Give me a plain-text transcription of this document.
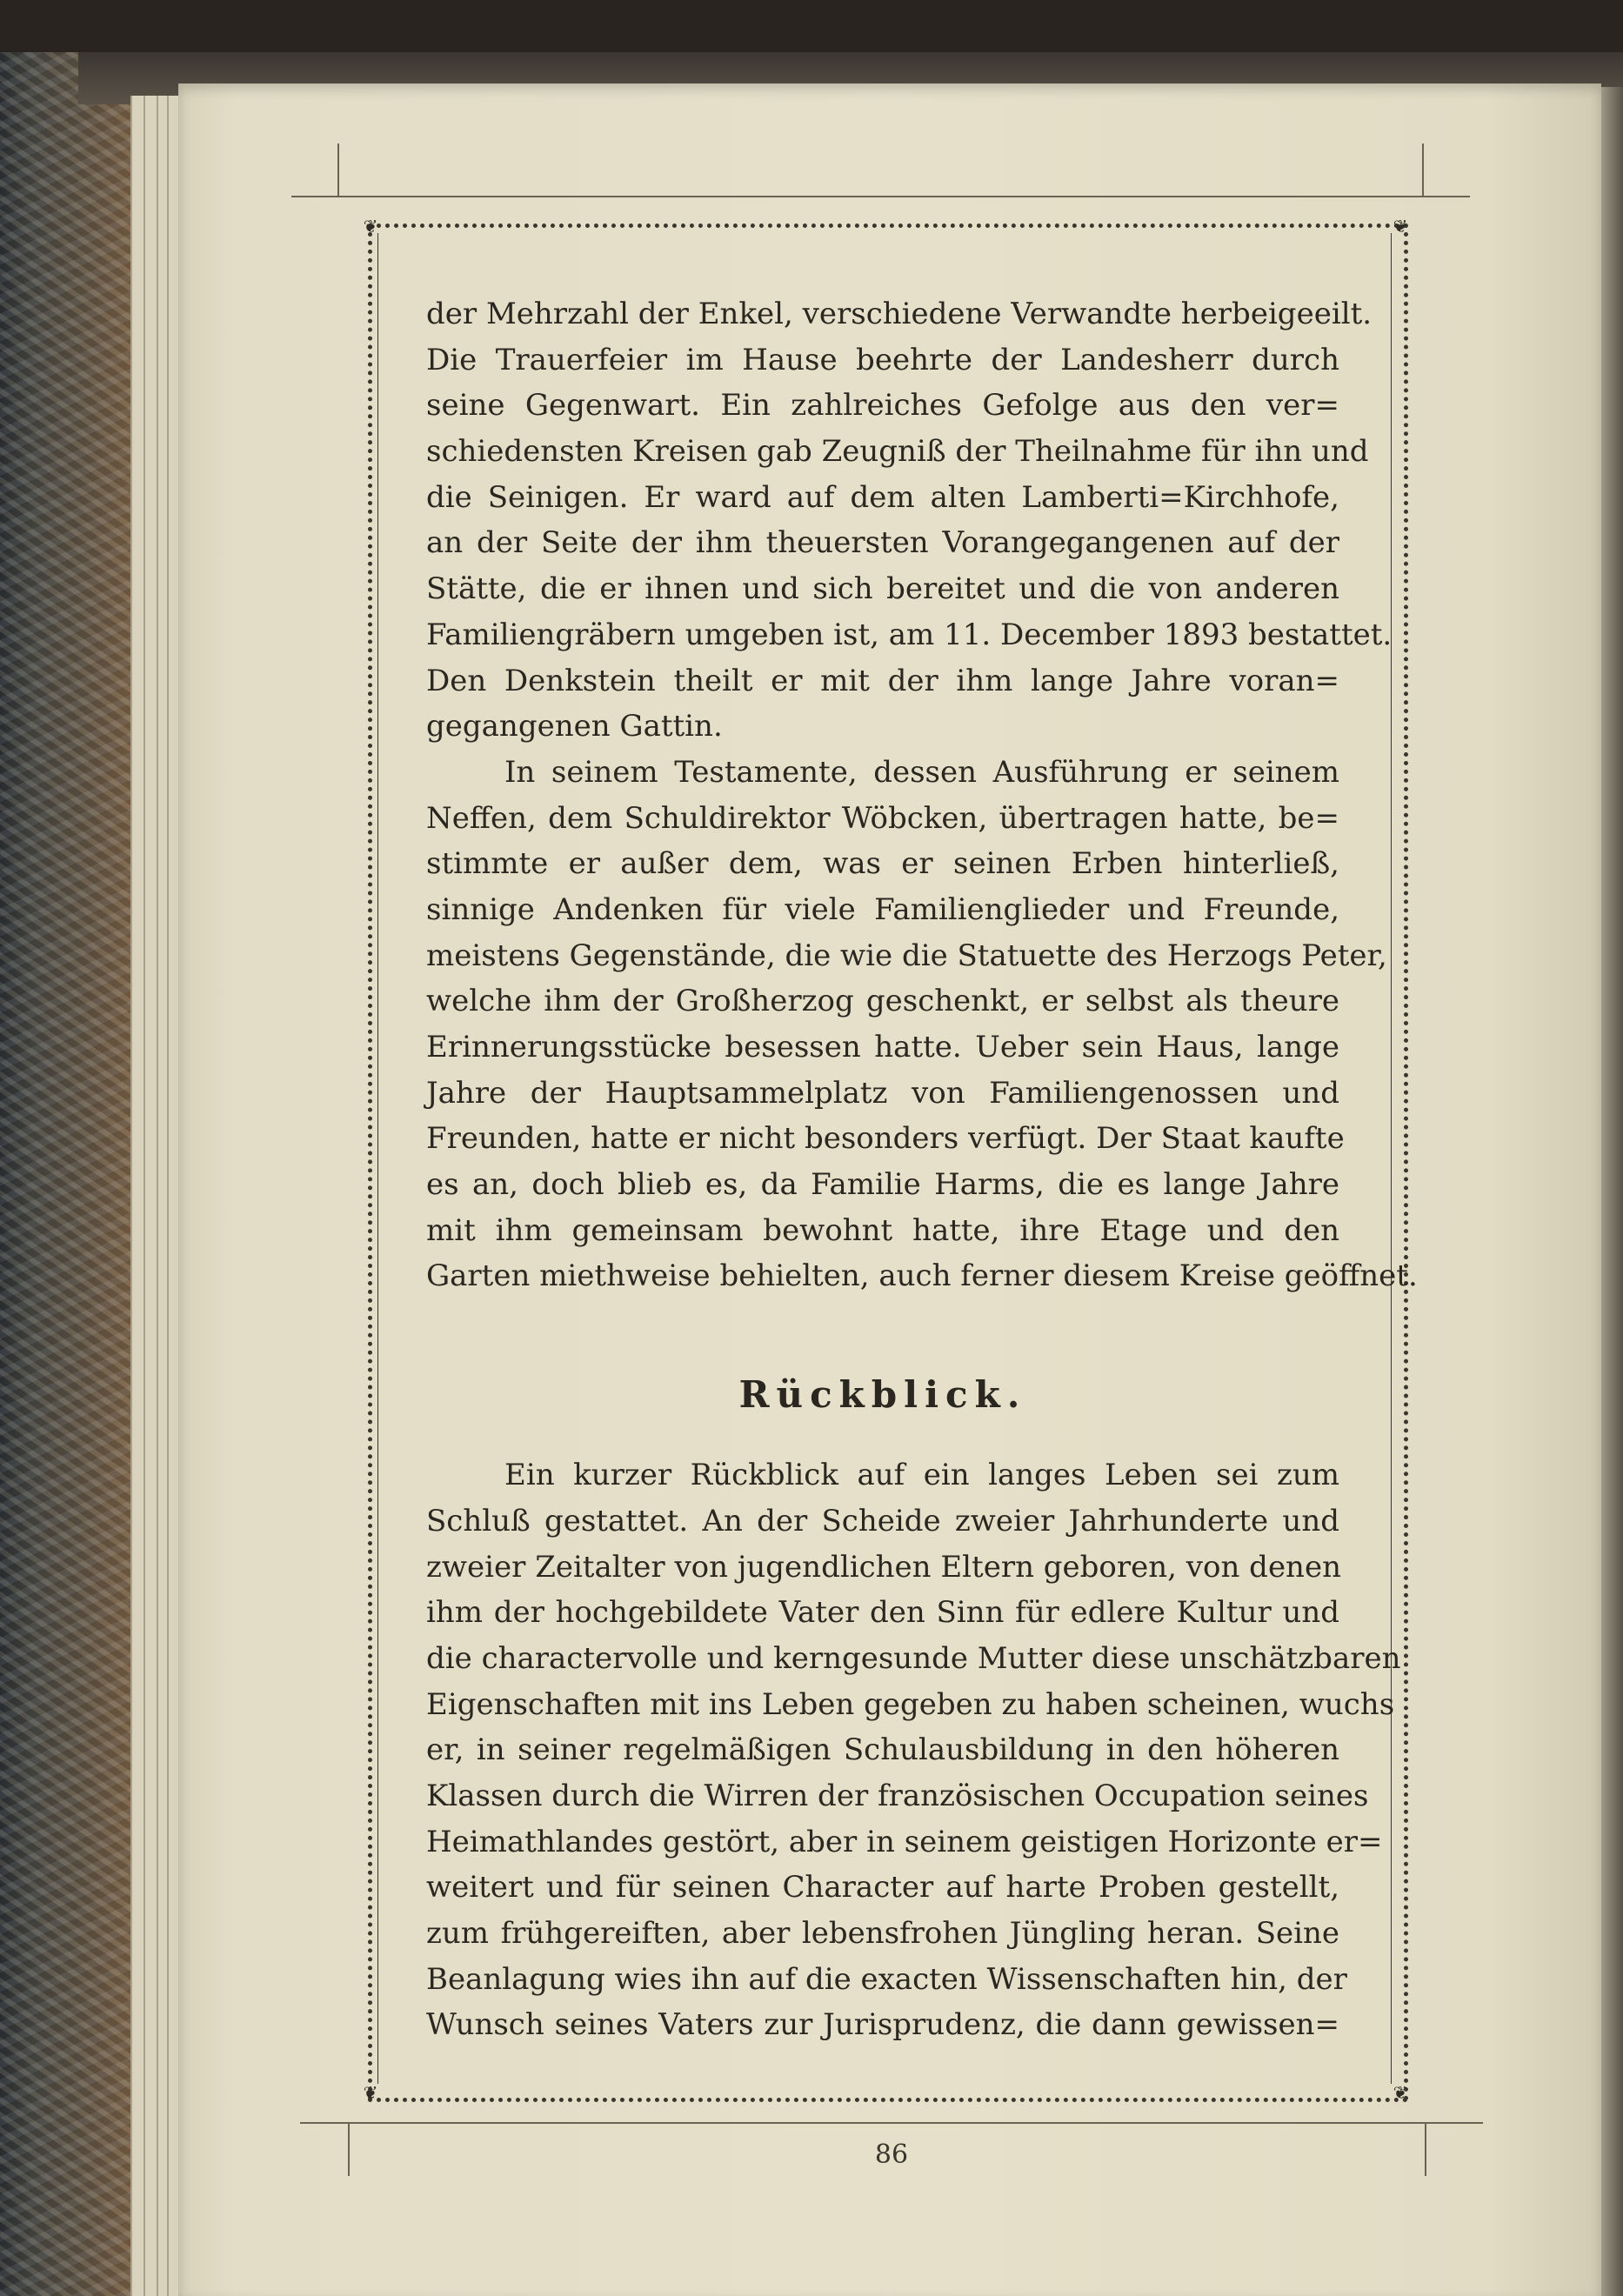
❦	❦
❦	❦
der Mehrzahl der Enkel, verschiedene Verwandte herbeigeeilt.
Die Trauerfeier im Hause beehrte der Landesherr durch
seine Gegenwart. Ein zahlreiches Gefolge aus den ver=
schiedensten Kreisen gab Zeugniß der Theilnahme für ihn und
die Seinigen. Er ward auf dem alten Lamberti=Kirchhofe,
an der Seite der ihm theuersten Vorangegangenen auf der
Stätte, die er ihnen und sich bereitet und die von anderen
Familiengräbern umgeben ist, am 11. December 1893 bestattet.
Den Denkstein theilt er mit der ihm lange Jahre voran=
gegangenen Gattin.
In seinem Testamente, dessen Ausführung er seinem
Neffen, dem Schuldirektor Wöbcken, übertragen hatte, be=
stimmte er außer dem, was er seinen Erben hinterließ,
sinnige Andenken für viele Familienglieder und Freunde,
meistens Gegenstände, die wie die Statuette des Herzogs Peter,
welche ihm der Großherzog geschenkt, er selbst als theure
Erinnerungsstücke besessen hatte. Ueber sein Haus, lange
Jahre der Hauptsammelplatz von Familiengenossen und
Freunden, hatte er nicht besonders verfügt. Der Staat kaufte
es an, doch blieb es, da Familie Harms, die es lange Jahre
mit ihm gemeinsam bewohnt hatte, ihre Etage und den
Garten miethweise behielten, auch ferner diesem Kreise geöffnet.
Rückblick.
Ein kurzer Rückblick auf ein langes Leben sei zum
Schluß gestattet. An der Scheide zweier Jahrhunderte und
zweier Zeitalter von jugendlichen Eltern geboren, von denen
ihm der hochgebildete Vater den Sinn für edlere Kultur und
die charactervolle und kerngesunde Mutter diese unschätzbaren
Eigenschaften mit ins Leben gegeben zu haben scheinen, wuchs
er, in seiner regelmäßigen Schulausbildung in den höheren
Klassen durch die Wirren der französischen Occupation seines
Heimathlandes gestört, aber in seinem geistigen Horizonte er=
weitert und für seinen Character auf harte Proben gestellt,
zum frühgereiften, aber lebensfrohen Jüngling heran. Seine
Beanlagung wies ihn auf die exacten Wissenschaften hin, der
Wunsch seines Vaters zur Jurisprudenz, die dann gewissen=
86
